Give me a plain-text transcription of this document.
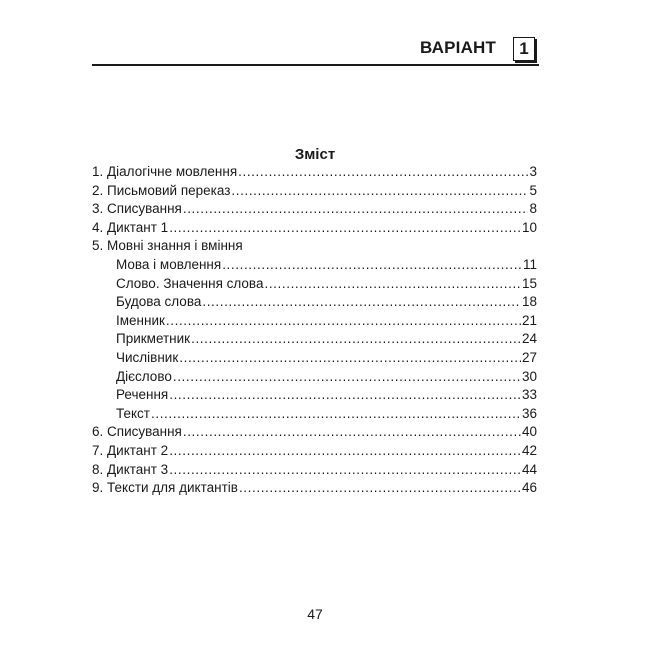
ВАРІАНТ	1
Зміст
1. Діалогічне мовлення .....	3
2. Письмовий переказ .....	5
3. Списування .....	8
4. Диктант 1 .....	10
5. Мовні знання і вміння
Мова і мовлення .....	11
Слово. Значення слова .....	15
Будова слова .....	18
Іменник .....	21
Прикметник .....	24
Числівник .....	27
Дієслово .....	30
Речення .....	33
Текст .....	36
6. Списування .....	40
7. Диктант 2 .....	42
8. Диктант 3 .....	44
9. Тексти для диктантів .....	46
47
